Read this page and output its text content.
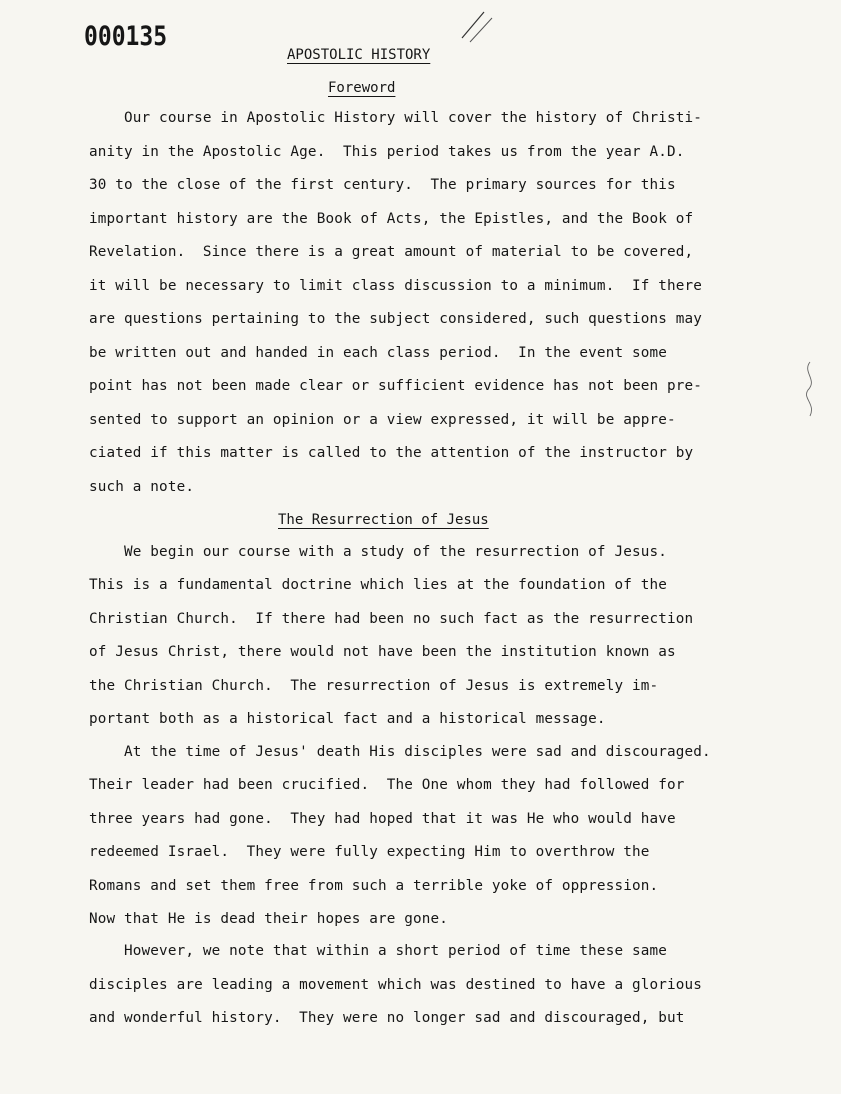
000135
APOSTOLIC HISTORY
Foreword
Our course in Apostolic History will cover the history of Christi-
anity in the Apostolic Age.  This period takes us from the year A.D.
30 to the close of the first century.  The primary sources for this
important history are the Book of Acts, the Epistles, and the Book of
Revelation.  Since there is a great amount of material to be covered,
it will be necessary to limit class discussion to a minimum.  If there
are questions pertaining to the subject considered, such questions may
be written out and handed in each class period.  In the event some
point has not been made clear or sufficient evidence has not been pre-
sented to support an opinion or a view expressed, it will be appre-
ciated if this matter is called to the attention of the instructor by
such a note.
The Resurrection of Jesus
We begin our course with a study of the resurrection of Jesus.
This is a fundamental doctrine which lies at the foundation of the
Christian Church.  If there had been no such fact as the resurrection
of Jesus Christ, there would not have been the institution known as
the Christian Church.  The resurrection of Jesus is extremely im-
portant both as a historical fact and a historical message.
At the time of Jesus' death His disciples were sad and discouraged.
Their leader had been crucified.  The One whom they had followed for
three years had gone.  They had hoped that it was He who would have
redeemed Israel.  They were fully expecting Him to overthrow the
Romans and set them free from such a terrible yoke of oppression.
Now that He is dead their hopes are gone.
However, we note that within a short period of time these same
disciples are leading a movement which was destined to have a glorious
and wonderful history.  They were no longer sad and discouraged, but
